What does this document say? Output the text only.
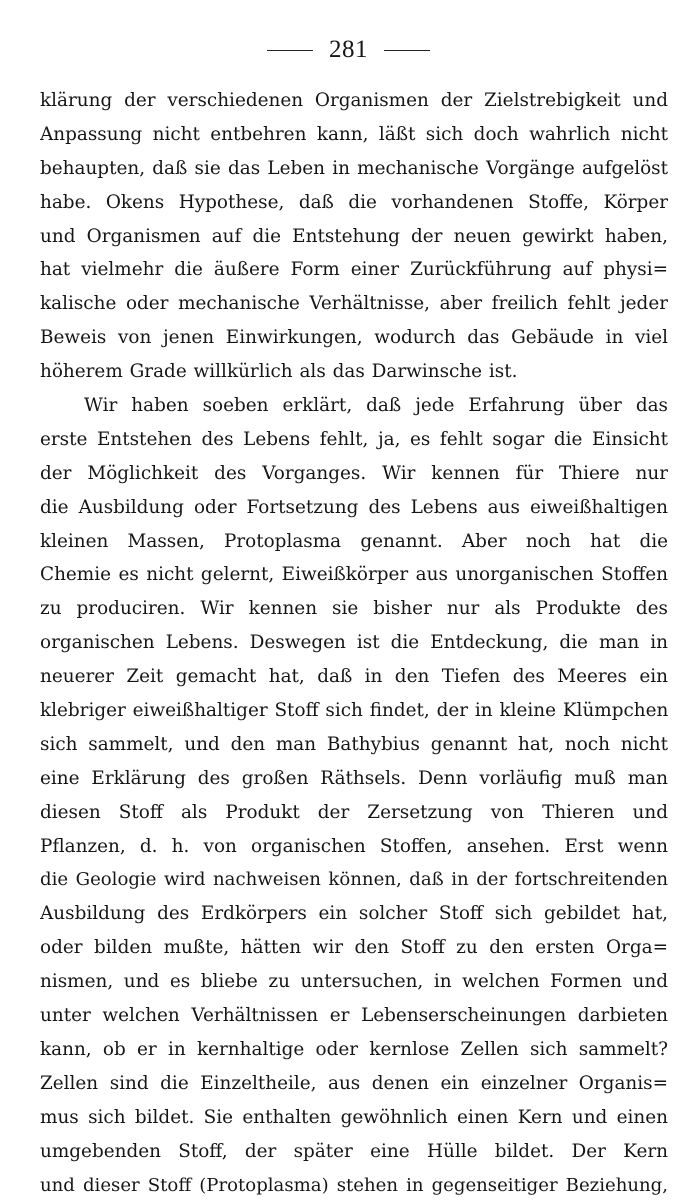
281
klärung der verschiedenen Organismen der Zielstrebigkeit und
Anpassung nicht entbehren kann, läßt sich doch wahrlich nicht
behaupten, daß sie das Leben in mechanische Vorgänge aufgelöst
habe. Okens Hypothese, daß die vorhandenen Stoffe, Körper
und Organismen auf die Entstehung der neuen gewirkt haben,
hat vielmehr die äußere Form einer Zurückführung auf physi=
kalische oder mechanische Verhältnisse, aber freilich fehlt jeder
Beweis von jenen Einwirkungen, wodurch das Gebäude in viel
höherem Grade willkürlich als das Darwinsche ist.
Wir haben soeben erklärt, daß jede Erfahrung über das
erste Entstehen des Lebens fehlt, ja, es fehlt sogar die Einsicht
der Möglichkeit des Vorganges. Wir kennen für Thiere nur
die Ausbildung oder Fortsetzung des Lebens aus eiweißhaltigen
kleinen Massen, Protoplasma genannt. Aber noch hat die
Chemie es nicht gelernt, Eiweißkörper aus unorganischen Stoffen
zu produciren. Wir kennen sie bisher nur als Produkte des
organischen Lebens. Deswegen ist die Entdeckung, die man in
neuerer Zeit gemacht hat, daß in den Tiefen des Meeres ein
klebriger eiweißhaltiger Stoff sich findet, der in kleine Klümpchen
sich sammelt, und den man Bathybius genannt hat, noch nicht
eine Erklärung des großen Räthsels. Denn vorläufig muß man
diesen Stoff als Produkt der Zersetzung von Thieren und
Pflanzen, d. h. von organischen Stoffen, ansehen. Erst wenn
die Geologie wird nachweisen können, daß in der fortschreitenden
Ausbildung des Erdkörpers ein solcher Stoff sich gebildet hat,
oder bilden mußte, hätten wir den Stoff zu den ersten Orga=
nismen, und es bliebe zu untersuchen, in welchen Formen und
unter welchen Verhältnissen er Lebenserscheinungen darbieten
kann, ob er in kernhaltige oder kernlose Zellen sich sammelt?
Zellen sind die Einzeltheile, aus denen ein einzelner Organis=
mus sich bildet. Sie enthalten gewöhnlich einen Kern und einen
umgebenden Stoff, der später eine Hülle bildet. Der Kern
und dieser Stoff (Protoplasma) stehen in gegenseitiger Beziehung,
